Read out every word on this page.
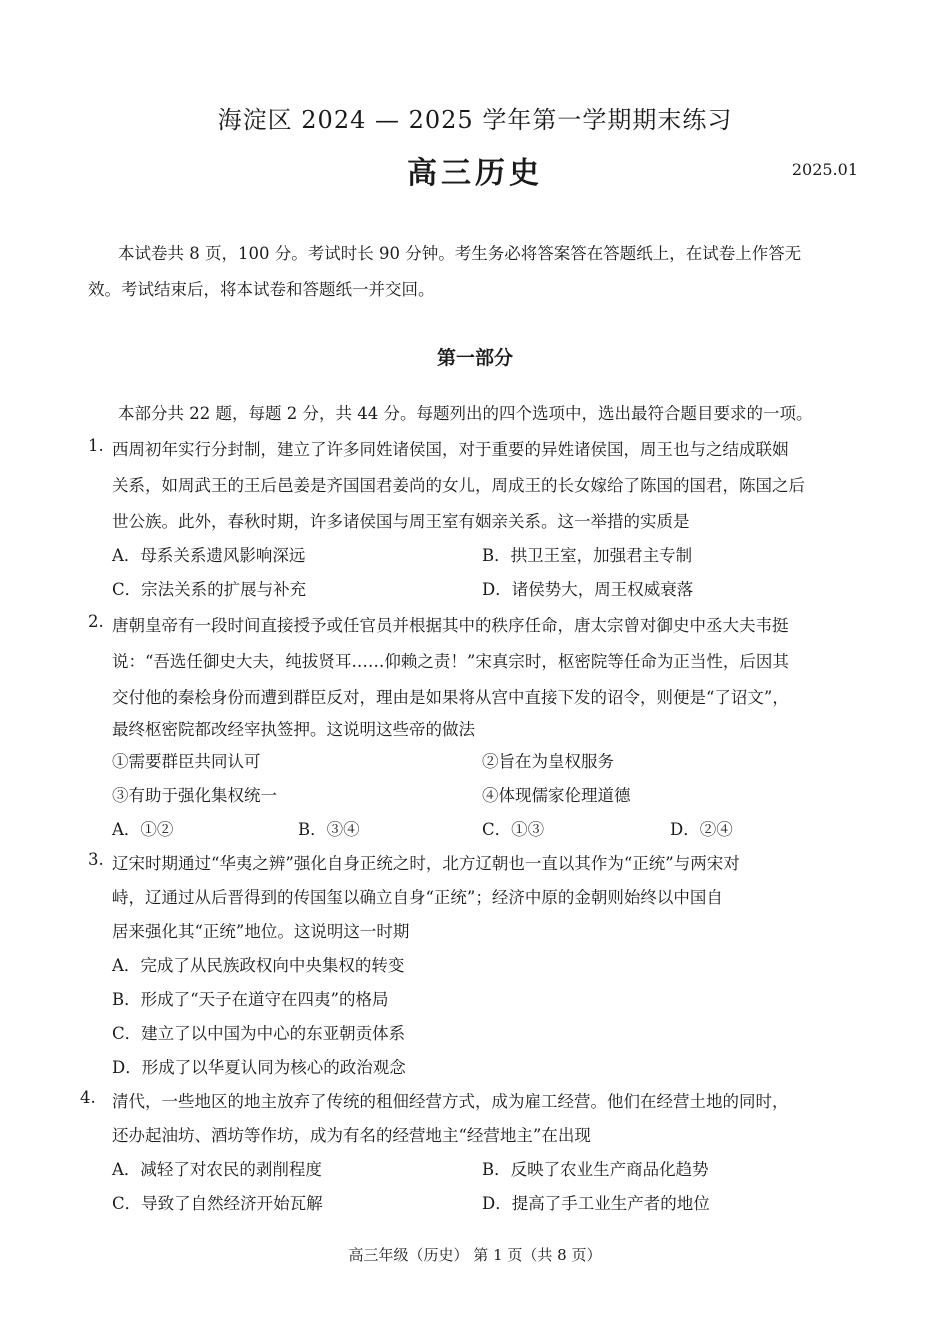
海淀区 2024 — 2025 学年第一学期期末练习
高三历史	2025.01
本试卷共 8 页，100 分。考试时长 90 分钟。考生务必将答案答在答题纸上，在试卷上作答无
效。考试结束后，将本试卷和答题纸一并交回。
第一部分
本部分共 22 题，每题 2 分，共 44 分。每题列出的四个选项中，选出最符合题目要求的一项。
1. 西周初年实行分封制，建立了许多同姓诸侯国，对于重要的异姓诸侯国，周王也与之结成联姻
关系，如周武王的王后邑姜是齐国国君姜尚的女儿，周成王的长女嫁给了陈国的国君，陈国之后
世公族。此外，春秋时期，许多诸侯国与周王室有姻亲关系。这一举措的实质是
A．母系关系遗风影响深远	B．拱卫王室，加强君主专制
C．宗法关系的扩展与补充	D．诸侯势大，周王权威衰落
2. 唐朝皇帝有一段时间直接授予或任官员并根据其中的秩序任命，唐太宗曾对御史中丞大夫韦挺
说：“吾选任御史大夫，纯拔贤耳……仰赖之责！”宋真宗时，枢密院等任命为正当性，后因其
交付他的秦桧身份而遭到群臣反对，理由是如果将从宫中直接下发的诏令，则便是“了诏文”，
最终枢密院都改经宰执签押。这说明这些帝的做法
①需要群臣共同认可	②旨在为皇权服务
③有助于强化集权统一	④体现儒家伦理道德
A．①②	B．③④	C．①③	D．②④
3. 辽宋时期通过“华夷之辨”强化自身正统之时，北方辽朝也一直以其作为“正统”与两宋对
峙，辽通过从后晋得到的传国玺以确立自身“正统”；经济中原的金朝则始终以中国自
居来强化其“正统”地位。这说明这一时期
A．完成了从民族政权向中央集权的转变
B．形成了“天子在道守在四夷”的格局
C．建立了以中国为中心的东亚朝贡体系
D．形成了以华夏认同为核心的政治观念
4. 清代，一些地区的地主放弃了传统的租佃经营方式，成为雇工经营。他们在经营土地的同时，
还办起油坊、酒坊等作坊，成为有名的经营地主“经营地主”在出现
A．减轻了对农民的剥削程度	B．反映了农业生产商品化趋势
C．导致了自然经济开始瓦解	D．提高了手工业生产者的地位
高三年级（历史） 第 1 页（共 8 页）
